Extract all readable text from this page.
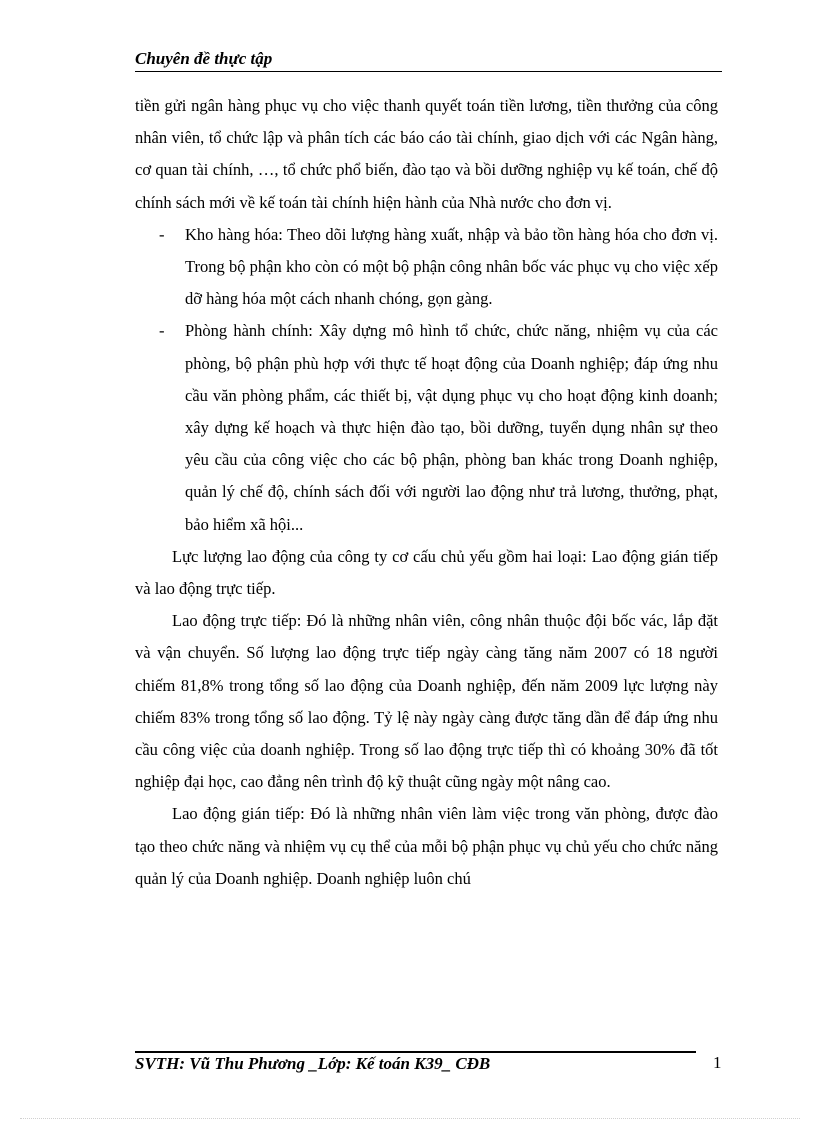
Chuyên đề thực tập

tiền gửi ngân hàng phục vụ cho việc thanh quyết toán tiền lương, tiền thưởng của công nhân viên, tổ chức lập và phân tích các báo cáo tài chính, giao dịch với các Ngân hàng, cơ quan tài chính, …, tổ chức phổ biến, đào tạo và bồi dưỡng nghiệp vụ kế toán, chế độ chính sách mới về kế toán tài chính hiện hành của Nhà nước cho đơn vị.

- Kho hàng hóa: Theo dõi lượng hàng xuất, nhập và bảo tồn hàng hóa cho đơn vị. Trong bộ phận kho còn có một bộ phận công nhân bốc vác phục vụ cho việc xếp dỡ hàng hóa một cách nhanh chóng, gọn gàng.
- Phòng hành chính: Xây dựng mô hình tổ chức, chức năng, nhiệm vụ của các phòng, bộ phận phù hợp với thực tế hoạt động của Doanh nghiệp; đáp ứng nhu cầu văn phòng phẩm, các thiết bị, vật dụng phục vụ cho hoạt động kinh doanh; xây dựng kế hoạch và thực hiện đào tạo, bồi dưỡng, tuyển dụng nhân sự theo yêu cầu của công việc cho các bộ phận, phòng ban khác trong Doanh nghiệp, quản lý chế độ, chính sách đối với người lao động như trả lương, thưởng, phạt, bảo hiểm xã hội...

Lực lượng lao động của công ty cơ cấu chủ yếu gồm hai loại: Lao động gián tiếp và lao động trực tiếp.

Lao động trực tiếp: Đó là những nhân viên, công nhân thuộc đội bốc vác, lắp đặt và vận chuyển. Số lượng lao động trực tiếp ngày càng tăng năm 2007 có 18 người chiếm 81,8% trong tổng số lao động của Doanh nghiệp, đến năm 2009 lực lượng này chiếm 83% trong tổng số lao động. Tỷ lệ này ngày càng được tăng dần để đáp ứng nhu cầu công việc của doanh nghiệp. Trong số lao động trực tiếp thì có khoảng 30% đã tốt nghiệp đại học, cao đẳng nên trình độ kỹ thuật cũng ngày một nâng cao.

Lao động gián tiếp: Đó là những nhân viên làm việc trong văn phòng, được đào tạo theo chức năng và nhiệm vụ cụ thể của mỗi bộ phận phục vụ chủ yếu cho chức năng quản lý của Doanh nghiệp. Doanh nghiệp luôn chú

SVTH: Vũ Thu Phương _Lớp: Kế toán K39_ CĐB	1
